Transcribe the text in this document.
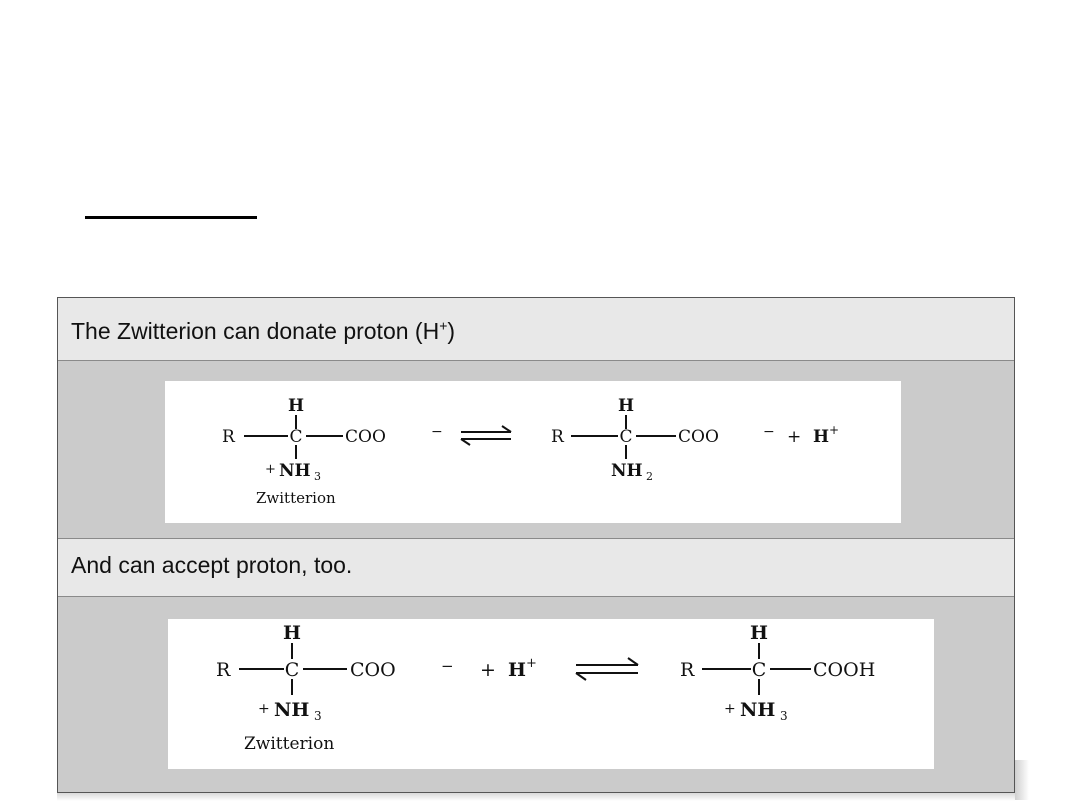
The Zwitterion can donate proton (H+)
H
R	C COO	−
+ NH 3
Zwitterion
H
R	C	COO	−
NH 2
+ H +
And can accept proton, too.
H
R	C	COO	− + H +
+ NH 3
Zwitterion
H
R	C COOH
+ NH 3
